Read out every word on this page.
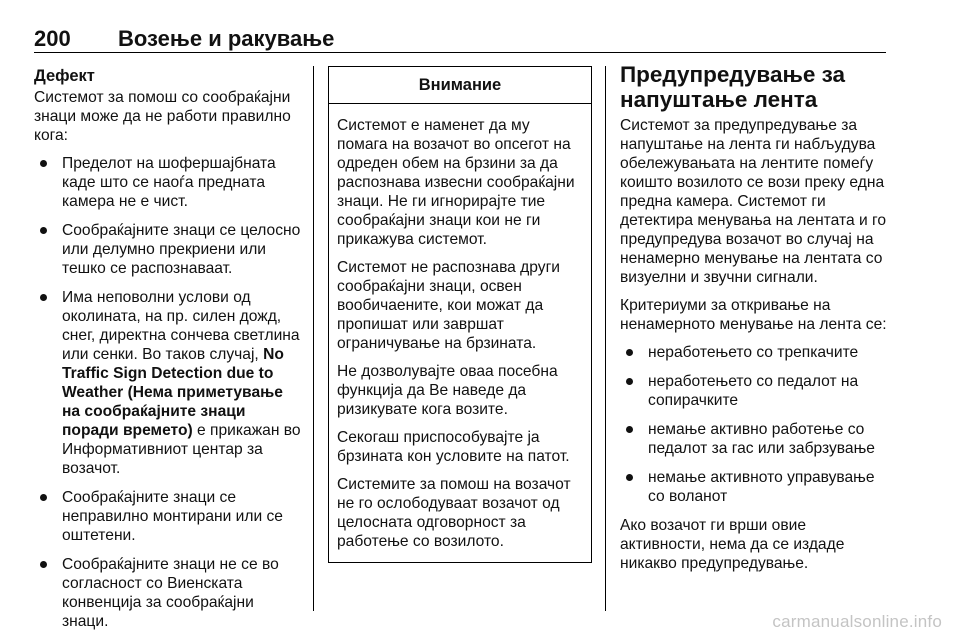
200 Возење и ракување
Дефект

Системот за помош со сообраќајни знаци може да не работи правилно кога:

Пределот на шофершајбната каде што се наоѓа предната камера не е чист.
Сообраќајните знаци се целосно или делумно прекриени или тешко се распознаваат.
Има неповолни услови од околината, на пр. силен дожд, снег, директна сончева светлина или сенки. Во таков случај, No Traffic Sign Detection due to Weather (Нема приметување на сообраќајните знаци поради времето) е прикажан во Информативниот центар за возачот.
Сообраќајните знаци се неправилно монтирани или се оштетени.
Сообраќајните знаци не се во согласност со Виенската конвенција за сообраќајни знаци.
Внимание

Системот е наменет да му помага на возачот во опсегот на одреден обем на брзини за да распознава извесни сообраќајни знаци. Не ги игнорирајте тие сообраќајни знаци кои не ги прикажува системот.

Системот не распознава други сообраќајни знаци, освен вообичаените, кои можат да пропишат или завршат ограничувањe на брзината.

Не дозволувајте оваа посебна функција да Ве наведе да ризикувате кога возите.

Секогаш приспособувајте ја брзината кон условите на патот.

Системите за помош на возачот не го ослободуваат возачот од целосната одговорност за работење со возилото.

Предупредување за напуштање лента

Системот за предупредување за напуштање на лента ги набљудува обележувањата на лентите помеѓу коишто возилото се вози преку една предна камера. Системот ги детектира менувања на лентата и го предупредува возачот во случај на ненамерно менување на лентата со визуелни и звучни сигнали.

Критериуми за откривање на ненамерното менување на лента се:

неработењето со трепкачите
неработењето со педалот на сопирачките
немање активно работење со педалот за гас или забрзување
немање активното управување со воланот

Ако возачот ги врши овие активности, нема да се издаде никакво предупредување.

carmanualsonline.info
